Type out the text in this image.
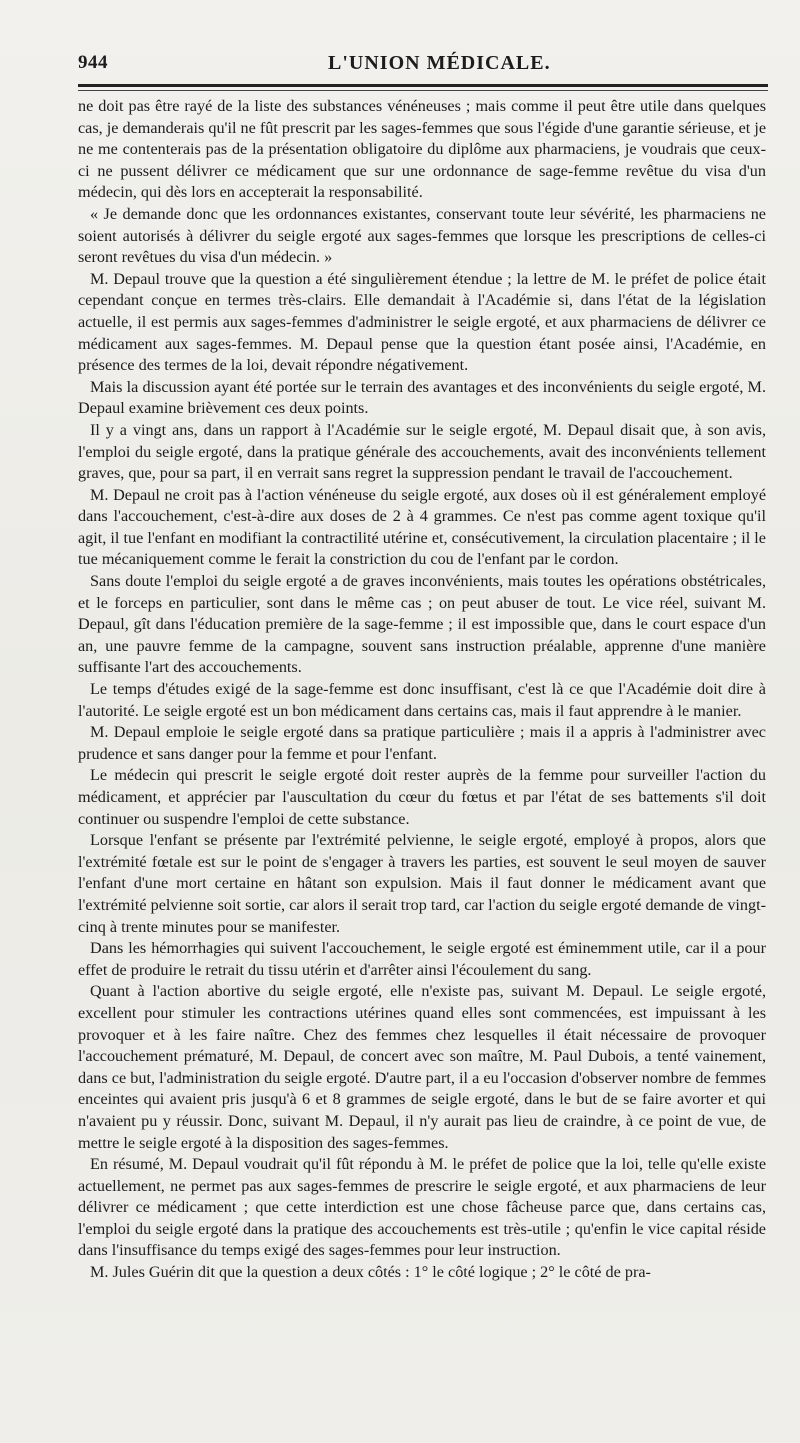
944	L'UNION MÉDICALE.

ne doit pas être rayé de la liste des substances vénéneuses ; mais comme il peut être utile dans quelques cas, je demanderais qu'il ne fût prescrit par les sages-femmes que sous l'égide d'une garantie sérieuse, et je ne me contenterais pas de la présentation obligatoire du diplôme aux pharmaciens, je voudrais que ceux-ci ne pussent délivrer ce médicament que sur une ordonnance de sage-femme revêtue du visa d'un médecin, qui dès lors en accepterait la responsabilité.

« Je demande donc que les ordonnances existantes, conservant toute leur sévérité, les pharmaciens ne soient autorisés à délivrer du seigle ergoté aux sages-femmes que lorsque les prescriptions de celles-ci seront revêtues du visa d'un médecin. »

M. Depaul trouve que la question a été singulièrement étendue ; la lettre de M. le préfet de police était cependant conçue en termes très-clairs. Elle demandait à l'Académie si, dans l'état de la législation actuelle, il est permis aux sages-femmes d'administrer le seigle ergoté, et aux pharmaciens de délivrer ce médicament aux sages-femmes. M. Depaul pense que la question étant posée ainsi, l'Académie, en présence des termes de la loi, devait répondre négativement.

Mais la discussion ayant été portée sur le terrain des avantages et des inconvénients du seigle ergoté, M. Depaul examine brièvement ces deux points.

Il y a vingt ans, dans un rapport à l'Académie sur le seigle ergoté, M. Depaul disait que, à son avis, l'emploi du seigle ergoté, dans la pratique générale des accouchements, avait des inconvénients tellement graves, que, pour sa part, il en verrait sans regret la suppression pendant le travail de l'accouchement.

M. Depaul ne croit pas à l'action vénéneuse du seigle ergoté, aux doses où il est généralement employé dans l'accouchement, c'est-à-dire aux doses de 2 à 4 grammes. Ce n'est pas comme agent toxique qu'il agit, il tue l'enfant en modifiant la contractilité utérine et, consécutivement, la circulation placentaire ; il le tue mécaniquement comme le ferait la constriction du cou de l'enfant par le cordon.

Sans doute l'emploi du seigle ergoté a de graves inconvénients, mais toutes les opérations obstétricales, et le forceps en particulier, sont dans le même cas ; on peut abuser de tout. Le vice réel, suivant M. Depaul, gît dans l'éducation première de la sage-femme ; il est impossible que, dans le court espace d'un an, une pauvre femme de la campagne, souvent sans instruction préalable, apprenne d'une manière suffisante l'art des accouchements.

Le temps d'études exigé de la sage-femme est donc insuffisant, c'est là ce que l'Académie doit dire à l'autorité. Le seigle ergoté est un bon médicament dans certains cas, mais il faut apprendre à le manier.

M. Depaul emploie le seigle ergoté dans sa pratique particulière ; mais il a appris à l'administrer avec prudence et sans danger pour la femme et pour l'enfant.

Le médecin qui prescrit le seigle ergoté doit rester auprès de la femme pour surveiller l'action du médicament, et apprécier par l'auscultation du cœur du fœtus et par l'état de ses battements s'il doit continuer ou suspendre l'emploi de cette substance.

Lorsque l'enfant se présente par l'extrémité pelvienne, le seigle ergoté, employé à propos, alors que l'extrémité fœtale est sur le point de s'engager à travers les parties, est souvent le seul moyen de sauver l'enfant d'une mort certaine en hâtant son expulsion. Mais il faut donner le médicament avant que l'extrémité pelvienne soit sortie, car alors il serait trop tard, car l'action du seigle ergoté demande de vingt-cinq à trente minutes pour se manifester.

Dans les hémorrhagies qui suivent l'accouchement, le seigle ergoté est éminemment utile, car il a pour effet de produire le retrait du tissu utérin et d'arrêter ainsi l'écoulement du sang.

Quant à l'action abortive du seigle ergoté, elle n'existe pas, suivant M. Depaul. Le seigle ergoté, excellent pour stimuler les contractions utérines quand elles sont commencées, est impuissant à les provoquer et à les faire naître. Chez des femmes chez lesquelles il était nécessaire de provoquer l'accouchement prématuré, M. Depaul, de concert avec son maître, M. Paul Dubois, a tenté vainement, dans ce but, l'administration du seigle ergoté. D'autre part, il a eu l'occasion d'observer nombre de femmes enceintes qui avaient pris jusqu'à 6 et 8 grammes de seigle ergoté, dans le but de se faire avorter et qui n'avaient pu y réussir. Donc, suivant M. Depaul, il n'y aurait pas lieu de craindre, à ce point de vue, de mettre le seigle ergoté à la disposition des sages-femmes.

En résumé, M. Depaul voudrait qu'il fût répondu à M. le préfet de police que la loi, telle qu'elle existe actuellement, ne permet pas aux sages-femmes de prescrire le seigle ergoté, et aux pharmaciens de leur délivrer ce médicament ; que cette interdiction est une chose fâcheuse parce que, dans certains cas, l'emploi du seigle ergoté dans la pratique des accouchements est très-utile ; qu'enfin le vice capital réside dans l'insuffisance du temps exigé des sages-femmes pour leur instruction.

M. Jules Guérin dit que la question a deux côtés : 1° le côté logique ; 2° le côté de pra-
